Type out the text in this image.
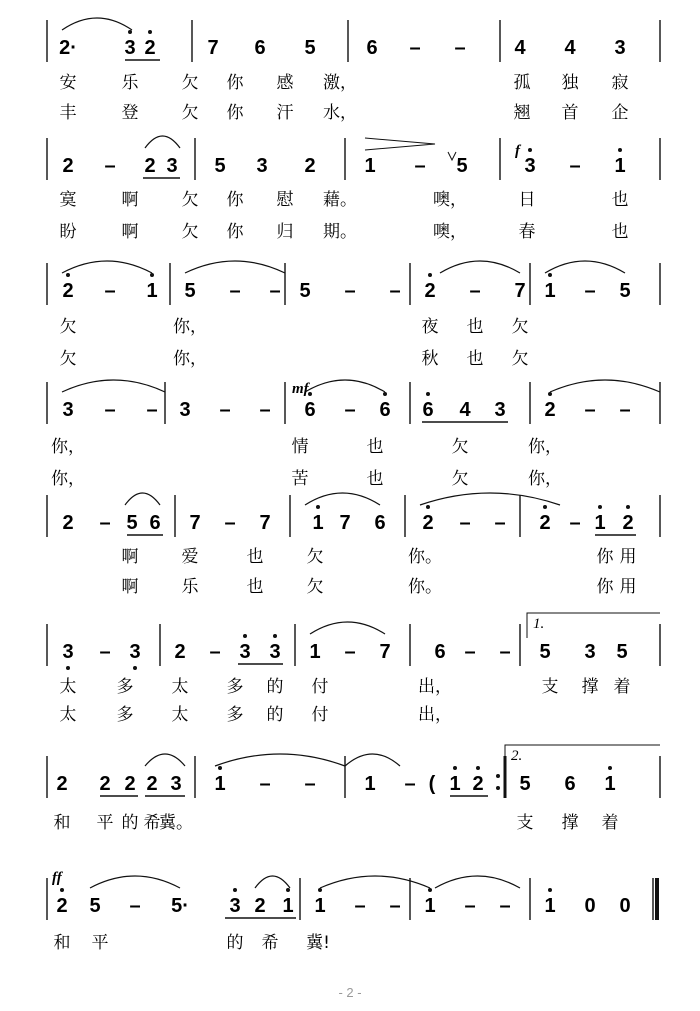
2· 3 2	7 6 5	6 – – 4 4 3
安	乐	欠 你 感 激，	孤 独 寂
丰	登	欠 你 汗 水，	翘 首 企
2 – 2 3 5 3 2 1 – 5	3 – 1
f
寞	啊	欠 你 慰 藉。	噢，	日	也
盼	啊	欠 你 归 期。	噢，	春	也
2 – 1 5 – – 5 – – 2 – 7 1 – 5
欠	你，	夜 也 欠
欠	你，	秋 也 欠
3 – – 3 – – 6 – 6 6 4 3 2 – –
mf
你，	情	也	欠	你，
你，	苦	也	欠	你，
2 – 5 6 7 – 7 1 7 6 2 – – 2 – 1 2
啊	爱	也	欠	你。	你 用
啊	乐	也	欠	你。	你 用
3 – 3 2 – 3 3 1 – 7 6 – – 5 3 5
1.
太 多 太 多 的 付	出，	支 撑 着
太 多 太 多 的 付	出，
2 2 2 2 3 1 – – 1 – ( 1 2 5 6 1
2.
和 平 的 希
冀。	支 撑 着
2 5 – 5· 3 2 1 1 – – 1 – – 1 0 0
ff
和 平	的 希 冀!
- 2 -
